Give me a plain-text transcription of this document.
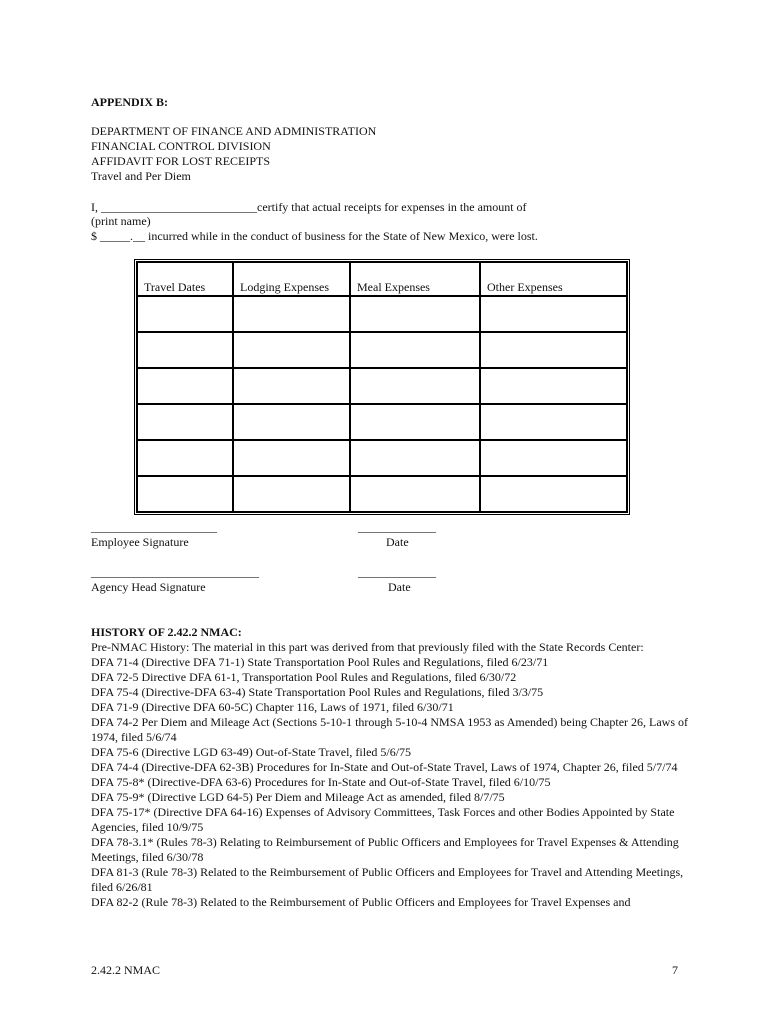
APPENDIX B:
DEPARTMENT OF FINANCE AND ADMINISTRATION
FINANCIAL CONTROL DIVISION
AFFIDAVIT FOR LOST RECEIPTS
Travel and Per Diem
I, __________________________certify that actual receipts for expenses in the amount of
(print name)
$ _____.__ incurred while in the conduct of business for the State of New Mexico, were lost.
Travel Dates	Lodging Expenses	Meal Expenses	Other Expenses

_____________________
Employee Signature
_____________
Date
____________________________
Agency Head Signature
_____________
Date
HISTORY OF 2.42.2 NMAC:
Pre-NMAC History: The material in this part was derived from that previously filed with the State Records Center:
DFA 71-4 (Directive DFA 71-1) State Transportation Pool Rules and Regulations, filed 6/23/71
DFA 72-5 Directive DFA 61-1, Transportation Pool Rules and Regulations, filed 6/30/72
DFA 75-4 (Directive-DFA 63-4) State Transportation Pool Rules and Regulations, filed 3/3/75
DFA 71-9 (Directive DFA 60-5C) Chapter 116, Laws of 1971, filed 6/30/71
DFA 74-2 Per Diem and Mileage Act (Sections 5-10-1 through 5-10-4 NMSA 1953 as Amended) being Chapter 26, Laws of 1974, filed 5/6/74
DFA 75-6 (Directive LGD 63-49) Out-of-State Travel, filed 5/6/75
DFA 74-4 (Directive-DFA 62-3B) Procedures for In-State and Out-of-State Travel, Laws of 1974, Chapter 26, filed 5/7/74
DFA 75-8* (Directive-DFA 63-6) Procedures for In-State and Out-of-State Travel, filed 6/10/75
DFA 75-9* (Directive LGD 64-5) Per Diem and Mileage Act as amended, filed 8/7/75
DFA 75-17* (Directive DFA 64-16) Expenses of Advisory Committees, Task Forces and other Bodies Appointed by State Agencies, filed 10/9/75
DFA 78-3.1* (Rules 78-3) Relating to Reimbursement of Public Officers and Employees for Travel Expenses & Attending Meetings, filed 6/30/78
DFA 81-3 (Rule 78-3) Related to the Reimbursement of Public Officers and Employees for Travel and Attending Meetings, filed 6/26/81
DFA 82-2 (Rule 78-3) Related to the Reimbursement of Public Officers and Employees for Travel Expenses and
2.42.2 NMAC	7
